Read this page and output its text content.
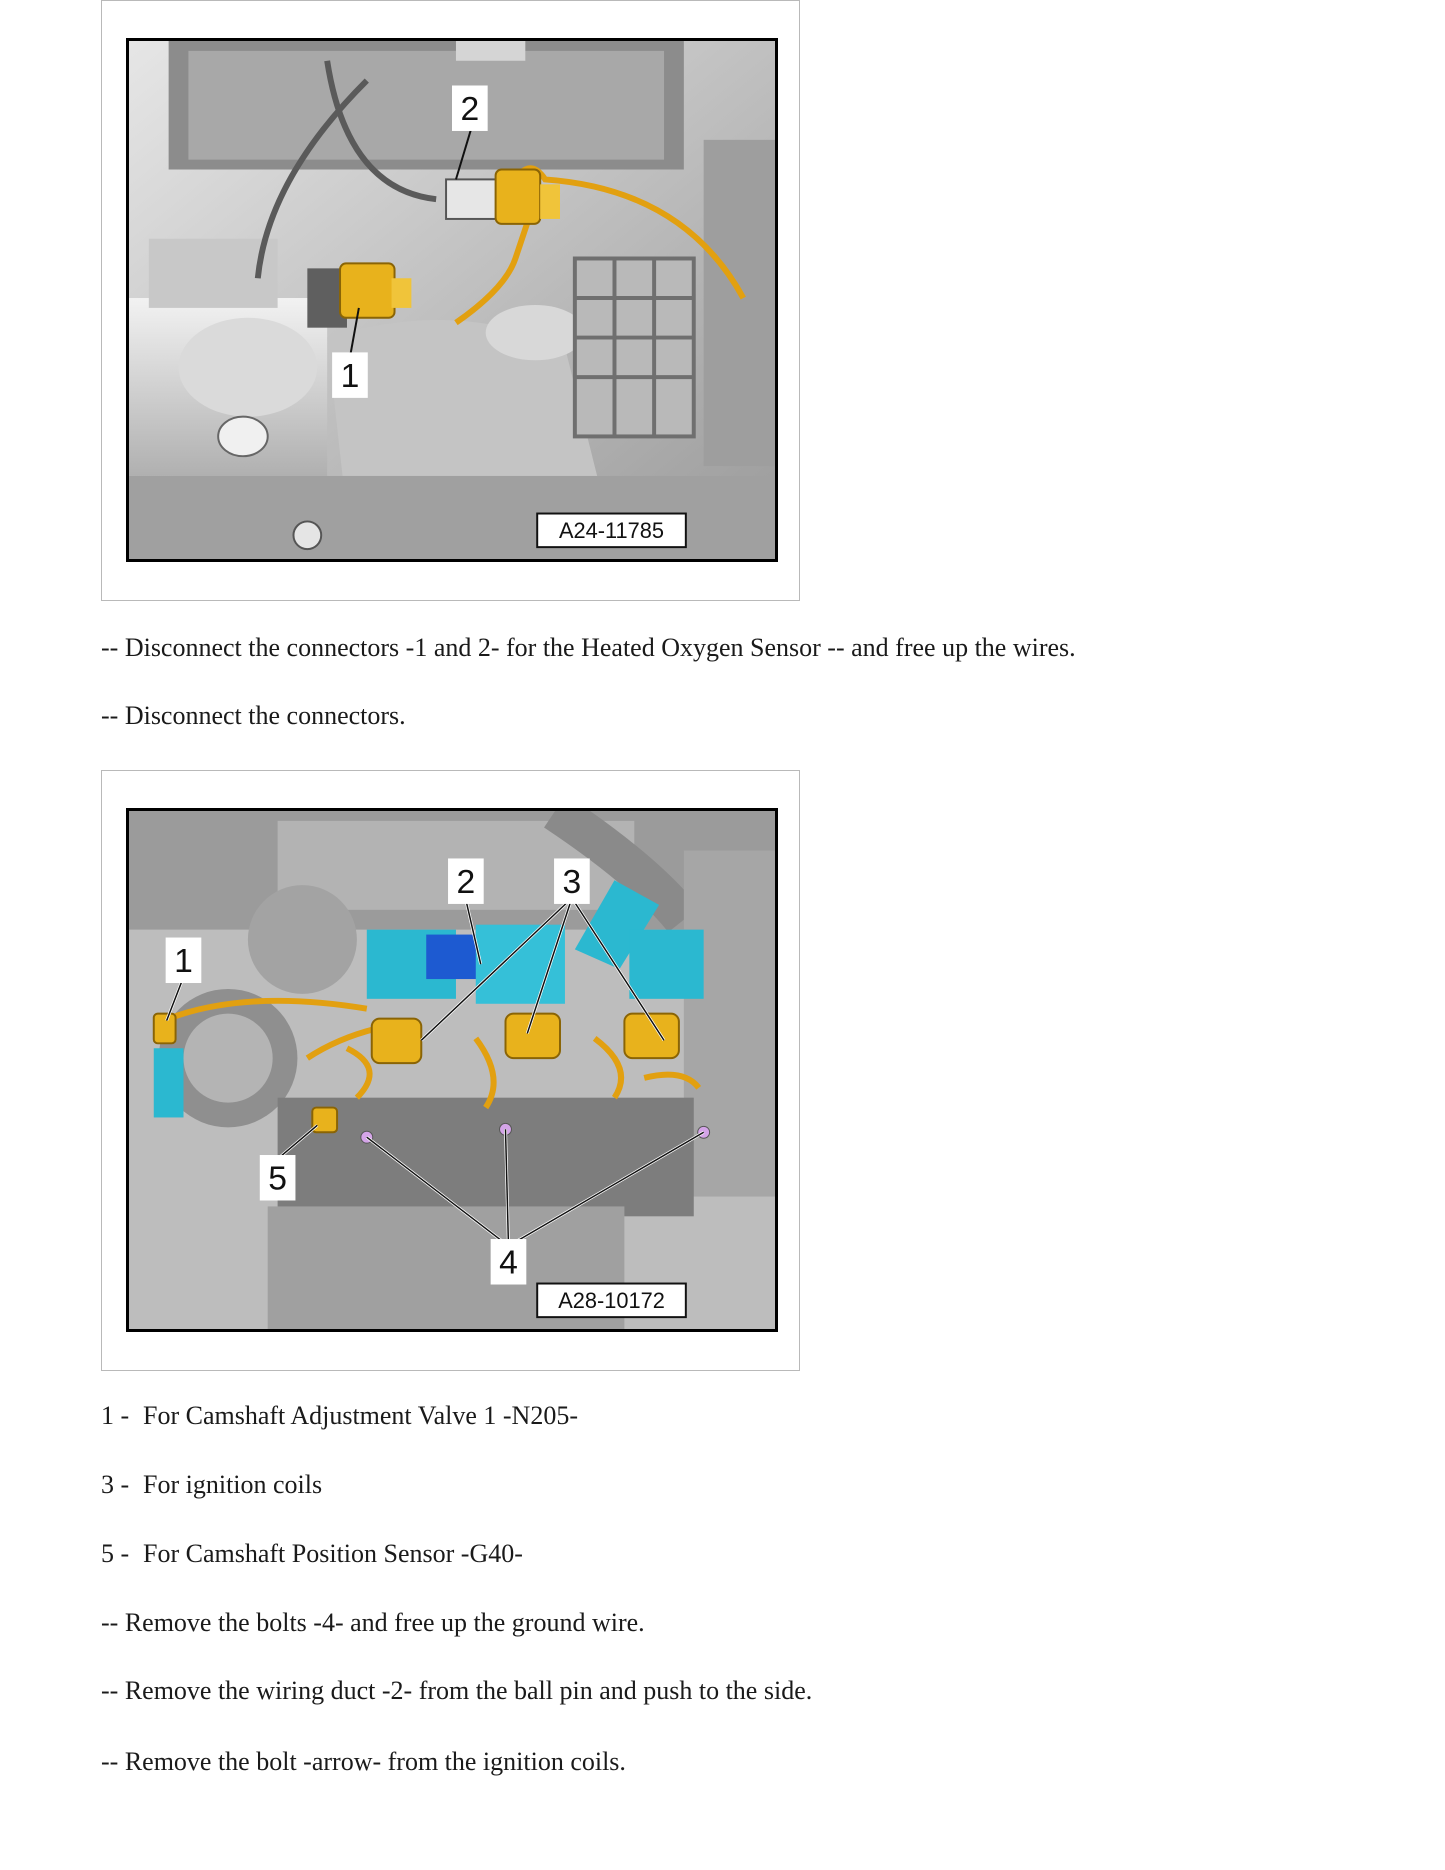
2
1
A24-11785
-- Disconnect the connectors -1 and 2- for the Heated Oxygen Sensor -- and free up the wires.
-- Disconnect the connectors.
1
2	3
4
5
A28-10172
1 - For Camshaft Adjustment Valve 1 -N205-
3 - For ignition coils
5 - For Camshaft Position Sensor -G40-
-- Remove the bolts -4- and free up the ground wire.
-- Remove the wiring duct -2- from the ball pin and push to the side.
-- Remove the bolt -arrow- from the ignition coils.
